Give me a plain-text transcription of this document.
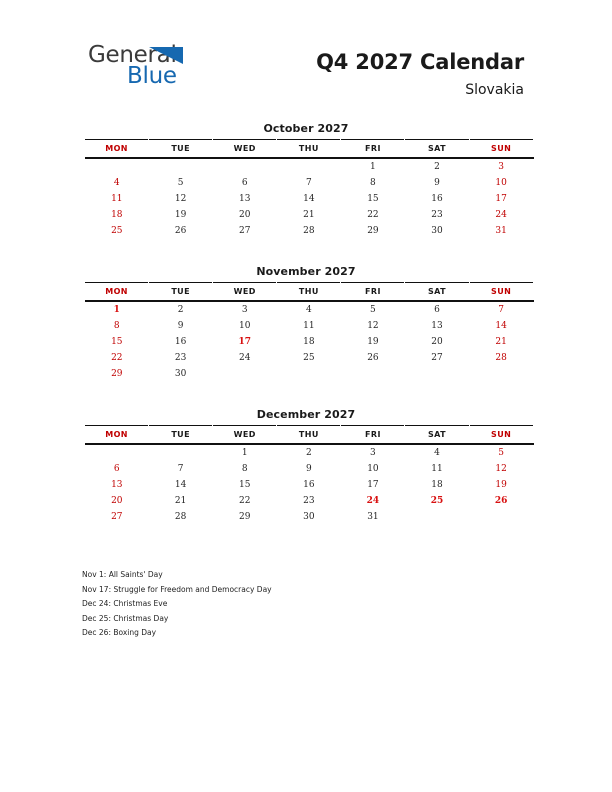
General
Blue
Q4 2027 Calendar
Slovakia
October 2027
MON	TUE	WED	THU	FRI	SAT	SUN
				1	2	3
4	5	6	7	8	9	10
11	12	13	14	15	16	17
18	19	20	21	22	23	24
25	26	27	28	29	30	31
November 2027
MON	TUE	WED	THU	FRI	SAT	SUN
1	2	3	4	5	6	7
8	9	10	11	12	13	14
15	16	17	18	19	20	21
22	23	24	25	26	27	28
29	30					
December 2027
MON	TUE	WED	THU	FRI	SAT	SUN
		1	2	3	4	5
6	7	8	9	10	11	12
13	14	15	16	17	18	19
20	21	22	23	24	25	26
27	28	29	30	31		
Nov 1: All Saints' Day
Nov 17: Struggle for Freedom and Democracy Day
Dec 24: Christmas Eve
Dec 25: Christmas Day
Dec 26: Boxing Day
